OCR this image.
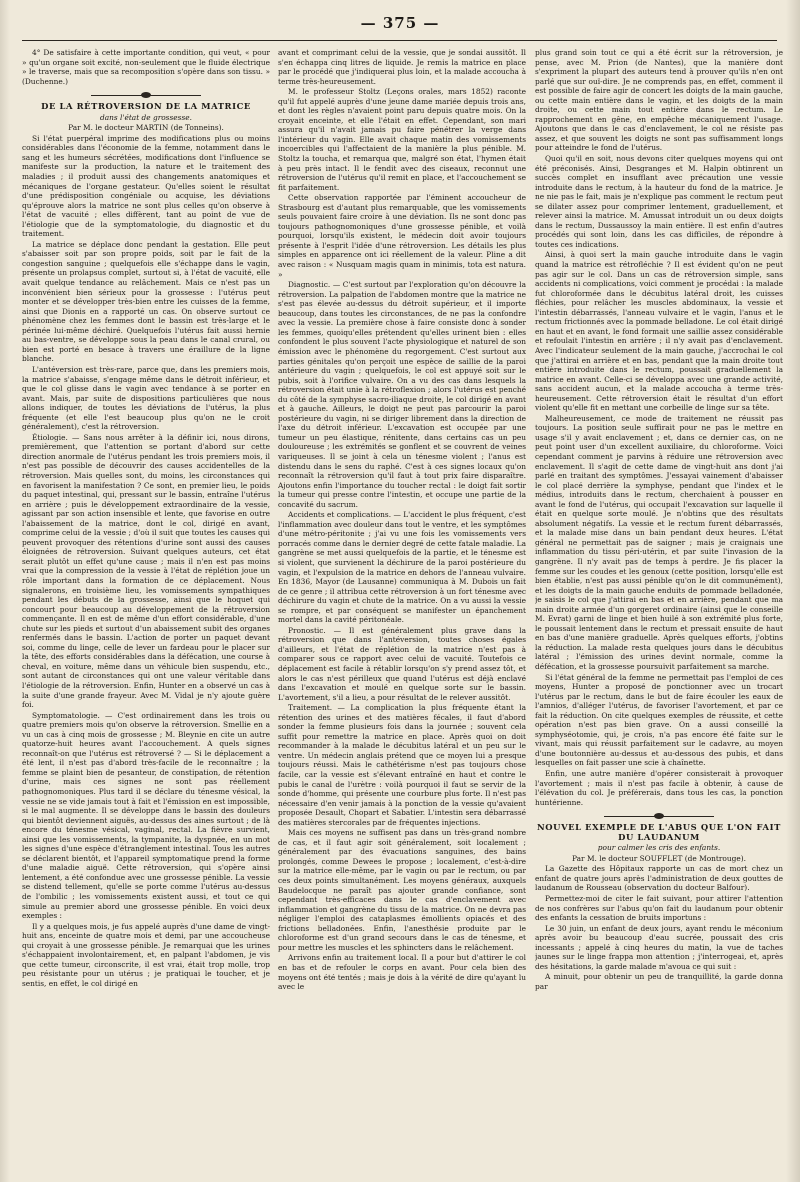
— 375 —

4° De satisfaire à cette importante condition, qui veut, « pour » qu'un organe soit excité, non-seulement que le fluide électrique » le traverse, mais que sa recomposition s'opère dans son tissu. » (Duchenne.)

DE LA RÉTROVERSION DE LA MATRICE

dans l'état de grossesse.

Par M. le docteur MARTIN (de Tonneins).

Si l'état puerpéral imprime des modifications plus ou moins considérables dans l'économie de la femme, notamment dans le sang et les humeurs sécrétées, modifications dont l'influence se manifeste sur la production, la nature et le traitement des maladies ; il produit aussi des changements anatomiques et mécaniques de l'organe gestateur. Qu'elles soient le résultat d'une prédisposition congéniale ou acquise, les déviations qu'éprouve alors la matrice ne sont plus celles qu'on observe à l'état de vacuité ; elles diffèrent, tant au point de vue de l'étiologie que de la symptomatologie, du diagnostic et du traitement.

La matrice se déplace donc pendant la gestation. Elle peut s'abaisser soit par son propre poids, soit par le fait de la congestion sanguine ; quelquefois elle s'échappe dans le vagin, présente un prolapsus complet, surtout si, à l'état de vacuité, elle avait quelque tendance au relâchement. Mais ce n'est pas un inconvénient bien sérieux pour la grossesse : l'utérus peut monter et se développer très-bien entre les cuisses de la femme, ainsi que Dionis en a rapporté un cas. On observe surtout ce phénomène chez les femmes dont le bassin est très-large et le périnée lui-même déchiré. Quelquefois l'utérus fait aussi hernie au bas-ventre, se développe sous la peau dans le canal crural, ou bien est porté en besace à travers une éraillure de la ligne blanche.

L'antéversion est très-rare, parce que, dans les premiers mois, la matrice s'abaisse, s'engage même dans le détroit inférieur, et que le col glisse dans le vagin avec tendance à se porter en avant. Mais, par suite de dispositions particulières que nous allons indiquer, de toutes les déviations de l'utérus, la plus fréquente (et elle l'est beaucoup plus qu'on ne le croit généralement), c'est la rétroversion.

Étiologie. — Sans nous arrêter à la définir ici, nous dirons, premièrement, que l'attention se portant d'abord sur cette direction anormale de l'utérus pendant les trois premiers mois, il n'est pas possible de découvrir des causes accidentelles de la rétroversion. Mais quelles sont, du moins, les circonstances qui en favorisent la manifestation ? Ce sont, en premier lieu, le poids du paquet intestinal, qui, pressant sur le bassin, entraîne l'utérus en arrière ; puis le développement extraordinaire de la vessie, agissant par son action insensible et lente, que favorise en outre l'abaissement de la matrice, dont le col, dirigé en avant, comprime celui de la vessie ; d'où il suit que toutes les causes qui peuvent provoquer des rétentions d'urine sont aussi des causes éloignées de rétroversion. Suivant quelques auteurs, cet état serait plutôt un effet qu'une cause ; mais il n'en est pas moins vrai que la compression de la vessie à l'état de réplétion joue un rôle important dans la formation de ce déplacement. Nous signalerons, en troisième lieu, les vomissements sympathiques pendant les débuts de la grossesse, ainsi que le hoquet qui concourt pour beaucoup au développement de la rétroversion commençante. Il en est de même d'un effort considérable, d'une chute sur les pieds et surtout d'un abaissement subit des organes renfermés dans le bassin. L'action de porter un paquet devant soi, comme du linge, celle de lever un fardeau pour le placer sur la tête, des efforts considérables dans la défécation, une course à cheval, en voiture, même dans un véhicule bien suspendu, etc., sont autant de circonstances qui ont une valeur véritable dans l'étiologie de la rétroversion. Enfin, Hunter en a observé un cas à la suite d'une grande frayeur. Avec M. Vidal je n'y ajoute guère foi.

Symptomatologie. — C'est ordinairement dans les trois ou quatre premiers mois qu'on observe la rétroversion. Smellie en a vu un cas à cinq mois de grossesse ; M. Bleynie en cite un autre quatorze-huit heures avant l'accouchement. A quels signes reconnaît-on que l'utérus est rétroversé ? — Si le déplacement a été lent, il n'est pas d'abord très-facile de le reconnaître ; la femme se plaint bien de pesanteur, de constipation, de rétention d'urine, mais ces signes ne sont pas réellement pathognomoniques. Plus tard il se déclare du ténesme vésical, la vessie ne se vide jamais tout à fait et l'émission en est impossible, si le mal augmente. Il se développe dans le bassin des douleurs qui bientôt deviennent aiguës, au-dessus des aines surtout ; de là encore du ténesme vésical, vaginal, rectal. La fièvre survient, ainsi que les vomissements, la tympanite, la dyspnée, en un mot les signes d'une espèce d'étranglement intestinal. Tous les autres se déclarent bientôt, et l'appareil symptomatique prend la forme d'une maladie aiguë. Cette rétroversion, qui s'opère ainsi lentement, a été confondue avec une grossesse pénible. La vessie se distend tellement, qu'elle se porte comme l'utérus au-dessus de l'ombilic ; les vomissements existent aussi, et tout ce qui simule au premier abord une grossesse pénible. En voici deux exemples :

Il y a quelques mois, je fus appelé auprès d'une dame de vingt-huit ans, enceinte de quatre mois et demi, par une accoucheuse qui croyait à une grossesse pénible. Je remarquai que les urines s'échappaient involontairement, et, en palpant l'abdomen, je vis que cette tumeur, circonscrite, il est vrai, était trop molle, trop peu résistante pour un utérus ; je pratiquai le toucher, et je sentis, en effet, le col dirigé en

avant et comprimant celui de la vessie, que je sondai aussitôt. Il s'en échappa cinq litres de liquide. Je remis la matrice en place par le procédé que j'indiquerai plus loin, et la malade accoucha à terme très-heureusement.

M. le professeur Stoltz (Leçons orales, mars 1852) raconte qu'il fut appelé auprès d'une jeune dame mariée depuis trois ans, et dont les règles n'avaient point paru depuis quatre mois. On la croyait enceinte, et elle l'était en effet. Cependant, son mari assura qu'il n'avait jamais pu faire pénétrer la verge dans l'intérieur du vagin. Elle avait chaque matin des vomissements incoercibles qui l'affectaient de la manière la plus pénible. M. Stoltz la toucha, et remarqua que, malgré son état, l'hymen était à peu près intact. Il le fendit avec des ciseaux, reconnut une rétroversion de l'utérus qu'il remit en place, et l'accouchement se fit parfaitement.

Cette observation rapportée par l'éminent accoucheur de Strasbourg est d'autant plus remarquable, que les vomissements seuls pouvaient faire croire à une déviation. Ils ne sont donc pas toujours pathognomoniques d'une grossesse pénible, et voilà pourquoi, lorsqu'ils existent, le médecin doit avoir toujours présente à l'esprit l'idée d'une rétroversion. Les détails les plus simples en apparence ont ici réellement de la valeur. Pline a dit avec raison : « Nusquam magis quam in minimis, tota est natura. »

Diagnostic. — C'est surtout par l'exploration qu'on découvre la rétroversion. La palpation de l'abdomen montre que la matrice ne s'est pas élevée au-dessus du détroit supérieur, et il importe beaucoup, dans toutes les circonstances, de ne pas la confondre avec la vessie. La première chose à faire consiste donc à sonder les femmes, quoiqu'elles prétendent qu'elles urinent bien : elles confondent le plus souvent l'acte physiologique et naturel de son émission avec le phénomène du regorgement. C'est surtout aux parties génitales qu'on perçoit une espèce de saillie de la paroi antérieure du vagin ; quelquefois, le col est appuyé soit sur le pubis, soit à l'orifice vulvaire. On a vu des cas dans lesquels la rétroversion était unie à la rétroflexion ; alors l'utérus est penché du côté de la symphyse sacro-iliaque droite, le col dirigé en avant et à gauche. Ailleurs, le doigt ne peut pas parcourir la paroi postérieure du vagin, ni se diriger librement dans la direction de l'axe du détroit inférieur. L'excavation est occupée par une tumeur un peu élastique, rénitente, dans certains cas un peu douloureuse ; les extrémités se gonflent et se couvrent de veines variqueuses. Il se joint à cela un ténesme violent ; l'anus est distendu dans le sens du raphé. C'est à ces signes locaux qu'on reconnaît la rétroversion qu'il faut à tout prix faire disparaître. Ajoutons enfin l'importance du toucher rectal : le doigt fait sortir la tumeur qui presse contre l'intestin, et occupe une partie de la concavité du sacrum.

Accidents et complications. — L'accident le plus fréquent, c'est l'inflammation avec douleur dans tout le ventre, et les symptômes d'une métro-péritonite ; j'ai vu une fois les vomissements vers porracés comme dans le dernier degré de cette fatale maladie. La gangrène se met aussi quelquefois de la partie, et le ténesme est si violent, que survienent la déchirure de la paroi postérieure du vagin, et l'expulsion de la matrice en dehors de l'anneau vulvaire. En 1836, Mayor (de Lausanne) communiqua à M. Dubois un fait de ce genre ; il attribua cette rétroversion à un fort ténesme avec déchirure du vagin et chute de la matrice. On a vu aussi la vessie se rompre, et par conséquent se manifester un épanchement mortel dans la cavité péritonéale.

Pronostic. — Il est généralement plus grave dans la rétroversion que dans l'antéversion, toutes choses égales d'ailleurs, et l'état de réplétion de la matrice n'est pas à comparer sous ce rapport avec celui de vacuité. Toutefois ce déplacement est facile à rétablir lorsqu'on s'y prend assez tôt, et alors le cas n'est périlleux que quand l'utérus est déjà enclavé dans l'excavation et moulé en quelque sorte sur le bassin. L'avortement, s'il a lieu, a pour résultat de le relever aussitôt.

Traitement. — La complication la plus fréquente étant la rétention des urines et des matières fécales, il faut d'abord sonder la femme plusieurs fois dans la journée ; souvent cela suffit pour remettre la matrice en place. Après quoi on doit recommander à la malade le décubitus latéral et un peu sur le ventre. Un médecin anglais prétend que ce moyen lui a presque toujours réussi. Mais le cathétérisme n'est pas toujours chose facile, car la vessie est s'élevant entraîné en haut et contre le pubis le canal de l'urètre : voilà pourquoi il faut se servir de la sonde d'homme, qui présente une courbure plus forte. Il n'est pas nécessaire d'en venir jamais à la ponction de la vessie qu'avaient proposée Desault, Chopart et Sabatier. L'intestin sera débarrassé des matières stercorales par de fréquentes injections.

Mais ces moyens ne suffisent pas dans un très-grand nombre de cas, et il faut agir soit généralement, soit localement ; généralement par des évacuations sanguines, des bains prolongés, comme Dewees le propose ; localement, c'est-à-dire sur la matrice elle-même, par le vagin ou par le rectum, ou par ces deux points simultanément. Les moyens généraux, auxquels Baudelocque ne paraît pas ajouter grande confiance, sont cependant très-efficaces dans le cas d'enclavement avec inflammation et gangrène du tissu de la matrice. On ne devra pas négliger l'emploi des cataplasmes émollients opiacés et des frictions belladonées. Enfin, l'anesthésie produite par le chloroforme est d'un grand secours dans le cas de ténesme, et pour mettre les muscles et les sphincters dans le relâchement.

Arrivons enfin au traitement local. Il a pour but d'attirer le col en bas et de refouler le corps en avant. Pour cela bien des moyens ont été tentés ; mais je dois à la vérité de dire qu'ayant lu avec le

plus grand soin tout ce qui a été écrit sur la rétroversion, je pense, avec M. Prion (de Nantes), que la manière dont s'expriment la plupart des auteurs tend à prouver qu'ils n'en ont parlé que sur ouï-dire. Je ne comprends pas, en effet, comment il est possible de faire agir de concert les doigts de la main gauche, ou cette main entière dans le vagin, et les doigts de la main droite, ou cette main tout entière dans le rectum. Le rapprochement en gêne, en empêche mécaniquement l'usage. Ajoutons que dans le cas d'enclavement, le col ne résiste pas assez, et que souvent les doigts ne sont pas suffisamment longs pour atteindre le fond de l'utérus.

Quoi qu'il en soit, nous devons citer quelques moyens qui ont été préconisés. Ainsi, Desgranges et M. Halpin obtinrent un succès complet en insufflant avec précaution une vessie introduite dans le rectum, à la hauteur du fond de la matrice. Je ne nie pas le fait, mais je n'explique pas comment le rectum peut se dilater assez pour comprimer lentement, graduellement, et relever ainsi la matrice. M. Amussat introduit un ou deux doigts dans le rectum, Dussaussoy la main entière. Il est enfin d'autres procédés qui sont loin, dans les cas difficiles, de répondre à toutes ces indications.

Ainsi, à quoi sert la main gauche introduite dans le vagin quand la matrice est rétrofléchie ? Il est évident qu'on ne peut pas agir sur le col. Dans un cas de rétroversion simple, sans accidents ni complications, voici comment je procédai : la malade fut chloroformée dans le décubitus latéral droit, les cuisses fléchies, pour relâcher les muscles abdominaux, la vessie et l'intestin débarrassés, l'anneau vulvaire et le vagin, l'anus et le rectum frictionnés avec la pommade belladone. Le col était dirigé en haut et en avant, le fond formait une saillie assez considérable et refoulait l'intestin en arrière ; il n'y avait pas d'enclavement. Avec l'indicateur seulement de la main gauche, j'accrochai le col que j'attirai en arrière et en bas, pendant que la main droite tout entière introduite dans le rectum, poussait graduellement la matrice en avant. Celle-ci se développa avec une grande activité, sans accident aucun, et la malade accoucha à terme très-heureusement. Cette rétroversion était le résultat d'un effort violent qu'elle fit en mettant une corbeille de linge sur sa tête.

Malheureusement, ce mode de traitement ne réussit pas toujours. La position seule suffirait pour ne pas le mettre en usage s'il y avait enclavement ; et, dans ce dernier cas, on ne peut point user d'un excellent auxiliaire, du chloroforme. Voici cependant comment je parvins à réduire une rétroversion avec enclavement. Il s'agit de cette dame de vingt-huit ans dont j'ai parlé en traitant des symptômes. J'essayai vainement d'abaisser le col placé derrière la symphyse, pendant que l'index et le médius, introduits dans le rectum, cherchaient à pousser en avant le fond de l'utérus, qui occupait l'excavation sur laquelle il était en quelque sorte moulé. Je n'obtins que des résultats absolument négatifs. La vessie et le rectum furent débarrassés, et la malade mise dans un bain pendant deux heures. L'état général ne permettait pas de saigner ; mais je craignais une inflammation du tissu péri-utérin, et par suite l'invasion de la gangrène. Il n'y avait pas de temps à perdre. Je fis placer la femme sur les coudes et les genoux (cette position, lorsqu'elle est bien établie, n'est pas aussi pénible qu'on le dit communément), et les doigts de la main gauche enduits de pommade belladonée, je saisis le col que j'attirai en bas et en arrière, pendant que ma main droite armée d'un gorgeret ordinaire (ainsi que le conseille M. Evrat) garni de linge et bien huilé à son extrémité plus forte, le poussait lentement dans le rectum et pressait ensuite de haut en bas d'une manière graduelle. Après quelques efforts, j'obtins la réduction. La malade resta quelques jours dans le décubitus latéral ; l'émission des urines devint normale, comme la défécation, et la grossesse poursuivit parfaitement sa marche.

Si l'état général de la femme ne permettait pas l'emploi de ces moyens, Hunter a proposé de ponctionner avec un trocart l'utérus par le rectum, dans le but de faire écouler les eaux de l'amnios, d'alléger l'utérus, de favoriser l'avortement, et par ce fait la réduction. On cite quelques exemples de réussite, et cette opération n'est pas bien grave. On a aussi conseillé la symphyséotomie, qui, je crois, n'a pas encore été faite sur le vivant, mais qui réussit parfaitement sur le cadavre, au moyen d'une boutonnière au-dessus et au-dessous des pubis, et dans lesquelles on fait passer une scie à chaînette.

Enfin, une autre manière d'opérer consisterait à provoquer l'avortement ; mais il n'est pas facile à obtenir, à cause de l'élévation du col. Je préférerais, dans tous les cas, la ponction huntérienne.

NOUVEL EXEMPLE DE L'ABUS QUE L'ON FAIT DU LAUDANUM

pour calmer les cris des enfants.

Par M. le docteur SOUFFLET (de Montrouge).

La Gazette des Hôpitaux rapporte un cas de mort chez un enfant de quatre jours après l'administration de deux gouttes de laudanum de Rousseau (observation du docteur Balfour).

Permettez-moi de citer le fait suivant, pour attirer l'attention de nos confrères sur l'abus qu'on fait du laudanum pour obtenir des enfants la cessation de bruits importuns :

Le 30 juin, un enfant de deux jours, ayant rendu le méconium après avoir bu beaucoup d'eau sucrée, poussait des cris incessants ; appelé à cinq heures du matin, la vue de taches jaunes sur le linge frappa mon attention ; j'interrogeai, et, après des hésitations, la garde malade m'avoua ce qui suit :

A minuit, pour obtenir un peu de tranquillité, la garde donna par
